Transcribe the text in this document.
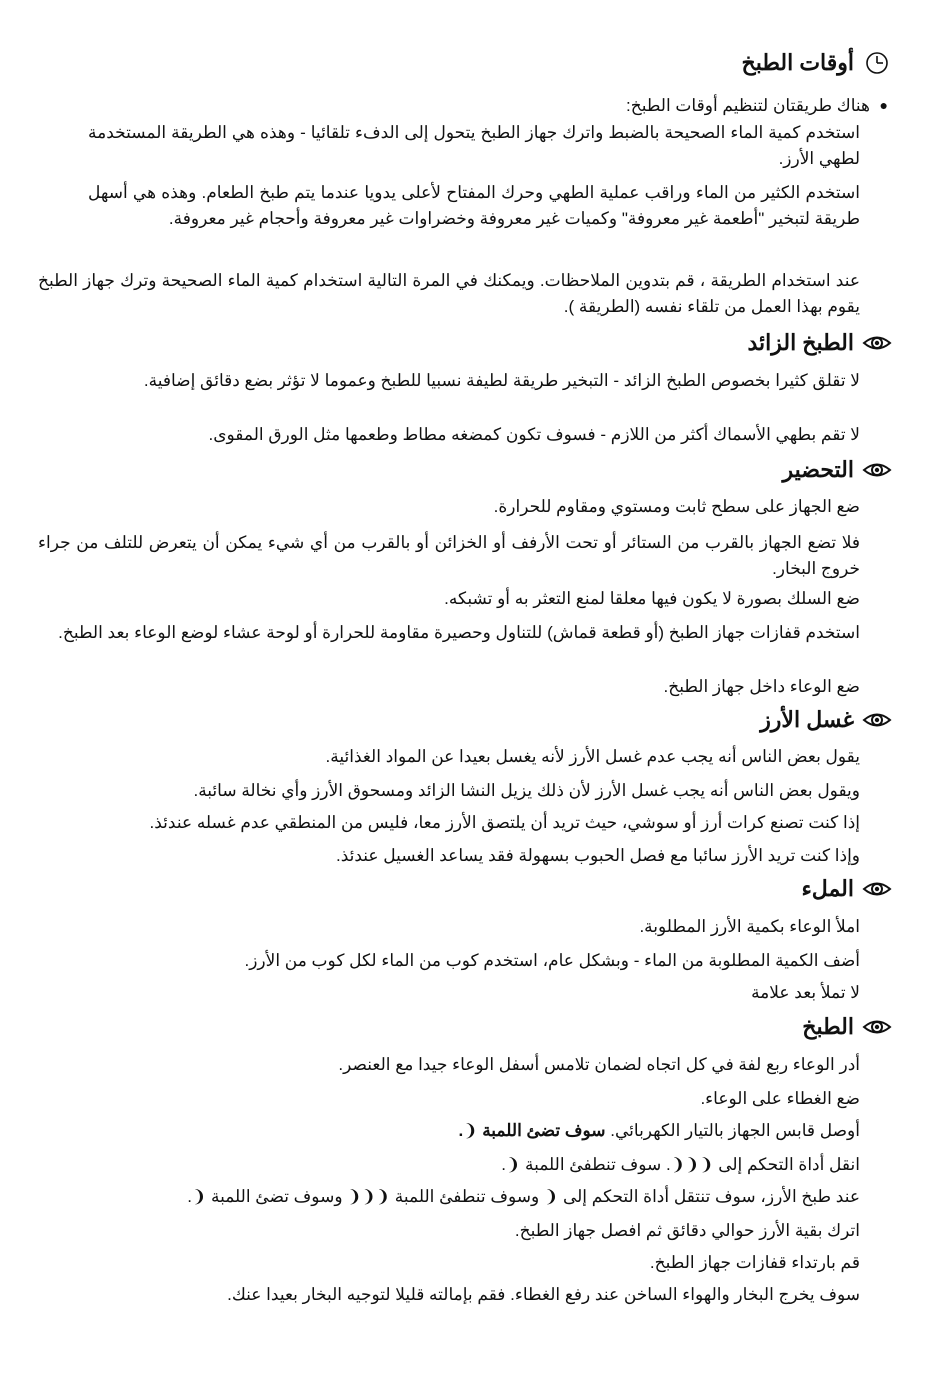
أوقات الطبخ
●

هناك طريقتان لتنظيم أوقات الطبخ:

استخدم كمية الماء الصحيحة بالضبط واترك جهاز الطبخ يتحول إلى الدفء تلقائيا - وهذه هي الطريقة المستخدمة لطهي الأرز.

استخدم الكثير من الماء وراقب عملية الطهي وحرك المفتاح لأعلى يدويا عندما يتم طبخ الطعام. وهذه هي أسهل طريقة لتبخير "أطعمة غير معروفة" وكميات غير معروفة وخضراوات غير معروفة وأحجام غير معروفة.

عند استخدام الطريقة ، قم بتدوين الملاحظات. ويمكنك في المرة التالية استخدام كمية الماء الصحيحة وترك جهاز الطبخ يقوم بهذا العمل من تلقاء نفسه (الطريقة ).

الطبخ الزائد

لا تقلق كثيرا بخصوص الطبخ الزائد - التبخير طريقة لطيفة نسبيا للطبخ وعموما لا تؤثر بضع دقائق إضافية.

لا تقم بطهي الأسماك أكثر من اللازم - فسوف تكون كمضغه مطاط وطعمها مثل الورق المقوى.

التحضير

ضع الجهاز على سطح ثابت ومستوي ومقاوم للحرارة.

فلا تضع الجهاز بالقرب من الستائر أو تحت الأرفف أو الخزائن أو بالقرب من أي شيء يمكن أن يتعرض للتلف من جراء خروج البخار.

ضع السلك بصورة لا يكون فيها معلقا لمنع التعثر به أو تشبكه.

استخدم قفازات جهاز الطبخ (أو قطعة قماش) للتناول وحصيرة مقاومة للحرارة أو لوحة عشاء لوضع الوعاء بعد الطبخ.

ضع الوعاء داخل جهاز الطبخ.

غسل الأرز

يقول بعض الناس أنه يجب عدم غسل الأرز لأنه يغسل بعيدا عن المواد الغذائية.

ويقول بعض الناس أنه يجب غسل الأرز لأن ذلك يزيل النشا الزائد ومسحوق الأرز وأي نخالة سائبة.

إذا كنت تصنع كرات أرز أو سوشي، حيث تريد أن يلتصق الأرز معا، فليس من المنطقي عدم غسله عندئذ.

وإذا كنت تريد الأرز سائبا مع فصل الحبوب بسهولة فقد يساعد الغسيل عندئذ.

الملء

املأ الوعاء بكمية الأرز المطلوبة.

أضف الكمية المطلوبة من الماء - وبشكل عام، استخدم كوب من الماء لكل كوب من الأرز.

لا تملأ بعد علامة

الطبخ

أدر الوعاء ربع لفة في كل اتجاه لضمان تلامس أسفل الوعاء جيدا مع العنصر.

ضع الغطاء على الوعاء.

أوصل قابس الجهاز بالتيار الكهربائي. سوف تضئ اللمبة ❨.

انقل أداة التحكم إلى ❨❨❨. سوف تنطفئ اللمبة ❨.

عند طبخ الأرز، سوف تنتقل أداة التحكم إلى ❨ وسوف تنطفئ اللمبة ❨❨❨ وسوف تضئ اللمبة ❨.

اترك بقية الأرز حوالي دقائق ثم افصل جهاز الطبخ.

قم بارتداء قفازات جهاز الطبخ.

سوف يخرج البخار والهواء الساخن عند رفع الغطاء. فقم بإمالته قليلا لتوجيه البخار بعيدا عنك.
